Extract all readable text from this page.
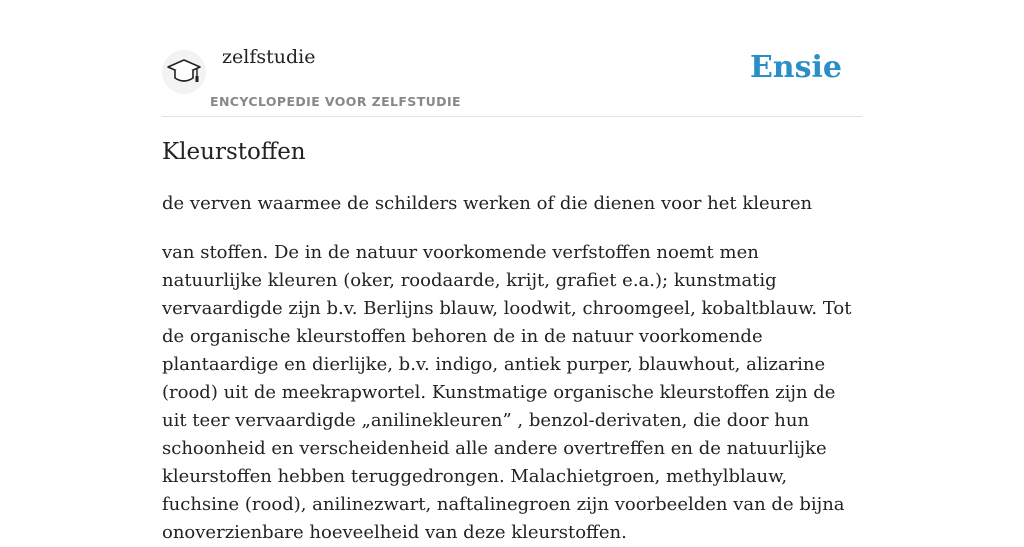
zelfstudie
ENCYCLOPEDIE VOOR ZELFSTUDIE
Ensie
Kleurstoffen

de verven waarmee de schilders werken of die dienen voor het kleuren

van stoffen. De in de natuur voorkomende verfstoffen noemt men natuurlijke kleuren (oker, roodaarde, krijt, grafiet e.a.); kunstmatig vervaardigde zijn b.v. Berlijns blauw, loodwit, chroomgeel, kobaltblauw. Tot de organische kleurstoffen behoren de in de natuur voorkomende plantaardige en dierlijke, b.v. indigo, antiek purper, blauwhout, alizarine (rood) uit de meekrapwortel. Kunstmatige organische kleurstoffen zijn de uit teer vervaardigde „anilinekleuren” , benzol-derivaten, die door hun schoonheid en verscheidenheid alle andere overtreffen en de natuurlijke kleurstoffen hebben teruggedrongen. Malachietgroen, methylblauw, fuchsine (rood), anilinezwart, naftalinegroen zijn voorbeelden van de bijna onoverzienbare hoeveelheid van deze kleurstoffen.
